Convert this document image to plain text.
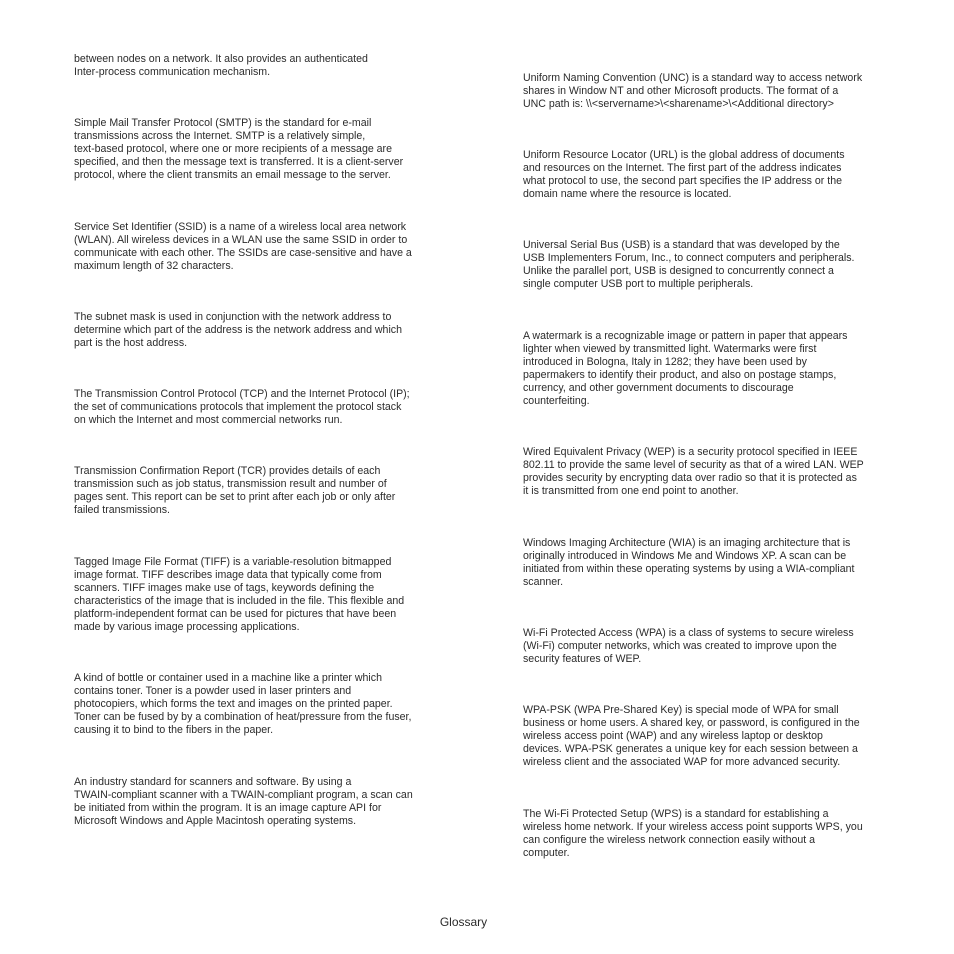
between nodes on a network. It also provides an authenticated
Inter-process communication mechanism.

Simple Mail Transfer Protocol (SMTP) is the standard for e-mail
transmissions across the Internet. SMTP is a relatively simple,
text-based protocol, where one or more recipients of a message are
specified, and then the message text is transferred. It is a client-server
protocol, where the client transmits an email message to the server.

Service Set Identifier (SSID) is a name of a wireless local area network
(WLAN). All wireless devices in a WLAN use the same SSID in order to
communicate with each other. The SSIDs are case-sensitive and have a
maximum length of 32 characters.

The subnet mask is used in conjunction with the network address to
determine which part of the address is the network address and which
part is the host address.

The Transmission Control Protocol (TCP) and the Internet Protocol (IP);
the set of communications protocols that implement the protocol stack
on which the Internet and most commercial networks run.

Transmission Confirmation Report (TCR) provides details of each
transmission such as job status, transmission result and number of
pages sent. This report can be set to print after each job or only after
failed transmissions.

Tagged Image File Format (TIFF) is a variable-resolution bitmapped
image format. TIFF describes image data that typically come from
scanners. TIFF images make use of tags, keywords defining the
characteristics of the image that is included in the file. This flexible and
platform-independent format can be used for pictures that have been
made by various image processing applications.

A kind of bottle or container used in a machine like a printer which
contains toner. Toner is a powder used in laser printers and
photocopiers, which forms the text and images on the printed paper.
Toner can be fused by by a combination of heat/pressure from the fuser,
causing it to bind to the fibers in the paper.

An industry standard for scanners and software. By using a
TWAIN-compliant scanner with a TWAIN-compliant program, a scan can
be initiated from within the program. It is an image capture API for
Microsoft Windows and Apple Macintosh operating systems.

Uniform Naming Convention (UNC) is a standard way to access network
shares in Window NT and other Microsoft products. The format of a
UNC path is: \\<servername>\<sharename>\<Additional directory>

Uniform Resource Locator (URL) is the global address of documents
and resources on the Internet. The first part of the address indicates
what protocol to use, the second part specifies the IP address or the
domain name where the resource is located.

Universal Serial Bus (USB) is a standard that was developed by the
USB Implementers Forum, Inc., to connect computers and peripherals.
Unlike the parallel port, USB is designed to concurrently connect a
single computer USB port to multiple peripherals.

A watermark is a recognizable image or pattern in paper that appears
lighter when viewed by transmitted light. Watermarks were first
introduced in Bologna, Italy in 1282; they have been used by
papermakers to identify their product, and also on postage stamps,
currency, and other government documents to discourage
counterfeiting.

Wired Equivalent Privacy (WEP) is a security protocol specified in IEEE
802.11 to provide the same level of security as that of a wired LAN. WEP
provides security by encrypting data over radio so that it is protected as
it is transmitted from one end point to another.

Windows Imaging Architecture (WIA) is an imaging architecture that is
originally introduced in Windows Me and Windows XP. A scan can be
initiated from within these operating systems by using a WIA-compliant
scanner.

Wi-Fi Protected Access (WPA) is a class of systems to secure wireless
(Wi-Fi) computer networks, which was created to improve upon the
security features of WEP.

WPA-PSK (WPA Pre-Shared Key) is special mode of WPA for small
business or home users. A shared key, or password, is configured in the
wireless access point (WAP) and any wireless laptop or desktop
devices. WPA-PSK generates a unique key for each session between a
wireless client and the associated WAP for more advanced security.

The Wi-Fi Protected Setup (WPS) is a standard for establishing a
wireless home network. If your wireless access point supports WPS, you
can configure the wireless network connection easily without a
computer.

Glossary
